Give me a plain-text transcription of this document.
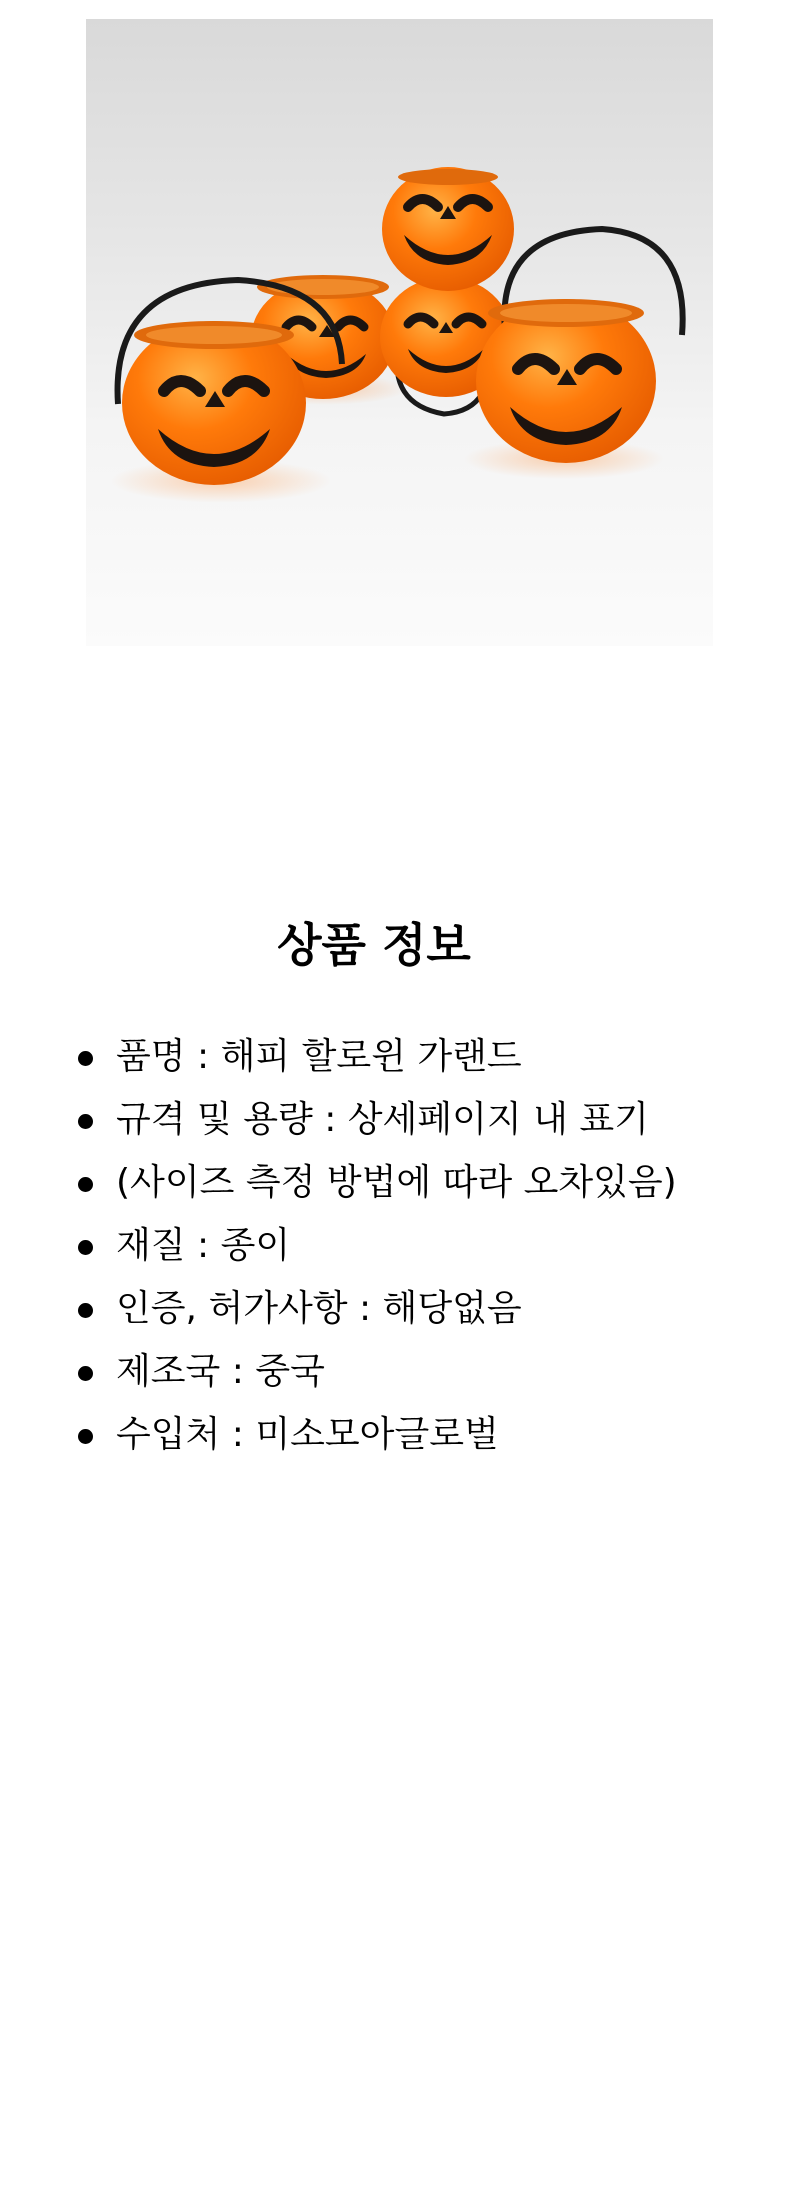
상품 정보
품명 : 해피 할로윈 가랜드
규격 및 용량 : 상세페이지 내 표기
(사이즈 측정 방법에 따라 오차있음)
재질 : 종이
인증, 허가사항 : 해당없음
제조국 : 중국
수입처 : 미소모아글로벌
